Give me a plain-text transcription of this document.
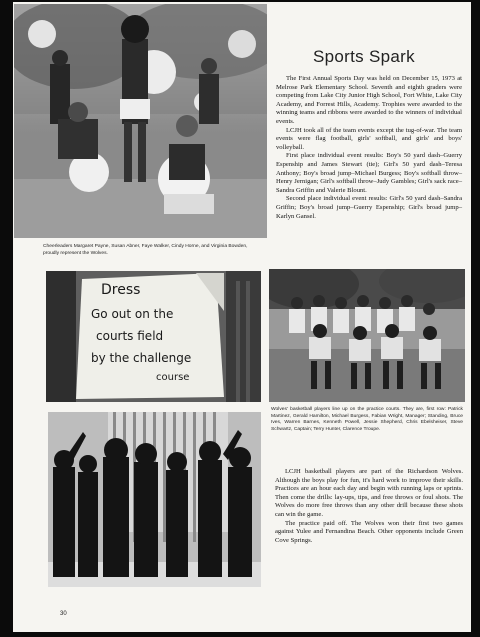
Cheerleaders Margaret Payne, Susan Abner, Faye Walker, Cindy Horne, and Virginia Bowden, proudly represent the Wolves.
Sports Spark

The First Annual Sports Day was held on December 15, 1973 at Melrose Park Elementary School. Seventh and eighth graders were competing from Lake City Junior High School, Fort White, Lake City Academy, and Forrest Hills, Academy. Trophies were awarded to the winning teams and ribbons were awarded to the winners of individual events.

LCJH took all of the team events except the tug-of-war. The team events were flag football, girls' softball, and girls' and boys' volleyball.

First place individual event results: Boy's 50 yard dash–Guerry Espenship and James Stewart (tie); Girl's 50 yard dash–Teresa Anthony; Boy's broad jump–Michael Burgess; Boy's softball throw–Henry Jernigan; Girl's softball throw–Judy Gambles; Girl's sack race–Sandra Griffin and Valerie Blount.

Second place individual event results: Girl's 50 yard dash–Sandra Griffin; Boy's broad jump–Guerry Espenship; Girl's broad jump–Karlyn Gansel.

Dress
Go out on the
courts field
by the challenge
course
Wolves' basketball players line up on the practice courts. They are, first row: Patrick Martinez, Gerald Hamilton, Michael Burgess, Fabian Wright, Manager; Standing, Bruce Ives, Warren Barnes, Kenneth Powell, Jessie Shepherd, Chris Ebelsheiser, Steve Schwartz, Captain; Terry Hunter, Clarence Troupe.

LCJH basketball players are part of the Richardson Wolves. Although the boys play for fun, it's hard work to improve their skills. Practices are an hour each day and begin with running laps or sprints. Then come the drills: lay-ups, tips, and free throws or foul shots. The Wolves do more free throws than any other drill because these shots can win the game.

The practice paid off. The Wolves won their first two games against Yulee and Fernandina Beach. Other opponents include Green Cove Springs.

30
